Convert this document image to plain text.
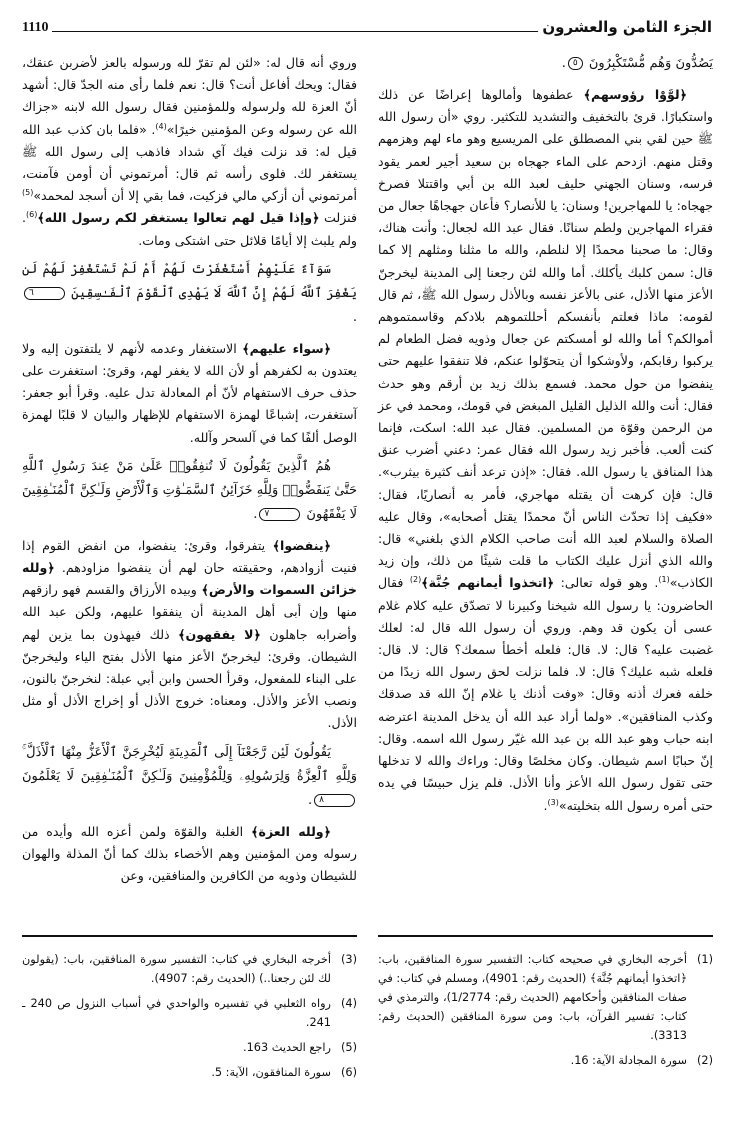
الجزء الثامن والعشرون
1110

يَصُدُّونَ وَهُم مُّسْتَكْبِرُونَ ٥.

﴿لوَّوْا رؤوسهم﴾ عطفوها وأمالوها إعراضًا عن ذلك واستكبارًا. قرئ بالتخفيف والتشديد للتكثير. روي «أن رسول الله ﷺ حين لقي بني المصطلق على المريسيع وهو ماء لهم وهزمهم وقتل منهم. ازدحم على الماء جهجاه بن سعيد أجير لعمر يقود فرسه، وسنان الجهني حليف لعبد الله بن أبي واقتتلا فصرخ جهجاه: يا للمهاجرين! وسنان: يا للأنصار؟ فأعان جهجاهًا جعال من فقراء المهاجرين ولطم سنانًا. فقال عبد الله لجعال: وأنت هناك، وقال: ما صحبنا محمدًا إلا لنلطم، والله ما مثلنا ومثلهم إلا كما قال: سمن كلبك يأكلك. أما والله لئن رجعنا إلى المدينة ليخرجنّ الأعز منها الأذل، عنى بالأعز نفسه وبالأذل رسول الله ﷺ، ثم قال لقومه: ماذا فعلتم بأنفسكم أحللتموهم بلادكم وقاسمتموهم أموالكم؟ أما والله لو أمسكتم عن جعال وذويه فضل الطعام لم يركبوا رقابكم، ولأوشكوا أن يتحوّلوا عنكم، فلا تنفقوا عليهم حتى ينفضوا من حول محمد. فسمع بذلك زيد بن أرقم وهو حدث فقال: أنت والله الذليل القليل المبغض في قومك، ومحمد في عز من الرحمن وقوّة من المسلمين. فقال عبد الله: اسكت، فإنما كنت ألعب. فأخبر زيد رسول الله فقال عمر: دعني أضرب عنق هذا المنافق يا رسول الله. فقال: «إذن ترعد أنف كثيرة بيثرب». قال: فإن كرهت أن يقتله مهاجري، فأمر به أنصاريًا، فقال: «فكيف إذا تحدّث الناس أنّ محمدًا يقتل أصحابه»، وقال عليه الصلاة والسلام لعبد الله أنت صاحب الكلام الذي بلغني» قال: والله الذي أنزل عليك الكتاب ما قلت شيئًا من ذلك، وإن زيد الكاذب»$^{(1)}$. وهو قوله تعالى: ﴿اتخذوا أيمانهم جُنَّة﴾$^{(2)}$ فقال الحاضرون: يا رسول الله شيخنا وكبيرنا لا تصدّق عليه كلام غلام عسى أن يكون قد وهم. وروي أن رسول الله قال له: لعلك غضبت عليه؟ قال: لا. قال: فلعله أخطأ سمعك؟ قال: لا. قال: فلعله شبه عليك؟ قال: لا. فلما نزلت لحق رسول الله زيدًا من خلفه فعرك أذنه وقال: «وفت أذنك يا غلام إنّ الله قد صدقك وكذب المنافقين». «ولما أراد عبد الله أن يدخل المدينة اعترضه ابنه حباب وهو عبد الله بن عبد الله غيّر رسول الله اسمه. وقال: إنّ حبابًا اسم شيطان. وكان مخلصًا وقال: وراءك والله لا تدخلها حتى تقول رسول الله الأعز وأنا الأذل. فلم يزل حبيسًا في يده حتى أمره رسول الله بتخليته»$^{(3)}$.

وروي أنه قال له: «لئن لم تقرّ لله ورسوله بالعز لأضربن عنقك، فقال: ويحك أفاعل أنت؟ قال: نعم فلما رأى منه الجدّ قال: أشهد أنّ العزة لله ولرسوله وللمؤمنين فقال رسول الله لابنه «جزاك الله عن رسوله وعن المؤمنين خيرًا»$^{(4)}$. «فلما بان كذب عبد الله قيل له: قد نزلت فيك آي شداد فاذهب إلى رسول الله ﷺ يستغفر لك. فلوى رأسه ثم قال: أمرتموني أن أومن فآمنت، أمرتموني أن أزكي مالي فزكيت، فما بقي إلا أن أسجد لمحمد»$^{(5)}$ فنزلت ﴿وإذا قيل لهم تعالوا يستغفر لكم رسول الله﴾$^{(6)}$. ولم يلبث إلا أيامًا قلائل حتى اشتكى ومات.

سَوَآءٌ عَلَيْهِمْ أَسْتَغْفَرْتَ لَهُمْ أَمْ لَمْ تَسْتَغْفِرْ لَهُمْ لَن يَغْفِرَ ٱللَّهُ لَهُمْ إِنَّ ٱللَّهَ لَا يَهْدِى ٱلْقَوْمَ ٱلْفَـٰسِقِينَ ٦.

﴿سواء عليهم﴾ الاستغفار وعدمه لأنهم لا يلتفتون إليه ولا يعتدون به لكفرهم أو لأن الله لا يغفر لهم، وقرئ: استغفرت على حذف حرف الاستفهام لأنّ أم المعادلة تدل عليه. وقرأ أبو جعفر: آستغفرت، إشباعًا لهمزة الاستفهام للإظهار والبيان لا قلبًا لهمزة الوصل ألفًا كما في آلسحر وآلله.

هُمُ ٱلَّذِينَ يَقُولُونَ لَا تُنفِقُوا۟ عَلَىٰ مَنْ عِندَ رَسُولِ ٱللَّهِ حَتَّىٰ يَنفَضُّوا۟ وَلِلَّهِ خَزَآئِنُ ٱلسَّمَـٰوَٰتِ وَٱلْأَرْضِ وَلَـٰكِنَّ ٱلْمُنَـٰفِقِينَ لَا يَفْقَهُونَ ٧.

﴿ينفضوا﴾ يتفرقوا، وقرئ: ينفضوا، من انفض القوم إذا فنيت أزوادهم، وحقيقته حان لهم أن ينفضوا مزاودهم. ﴿ولله خزائن السموات والأرض﴾ وبيده الأرزاق والقسم فهو رازقهم منها وإن أبى أهل المدينة أن ينفقوا عليهم، ولكن عبد الله وأضرابه جاهلون ﴿لا يفقهون﴾ ذلك فيهذون بما يزين لهم الشيطان. وقرئ: ليخرجنّ الأعز منها الأذل بفتح الياء وليخرجنّ على البناء للمفعول، وقرأ الحسن وابن أبي عبلة: لنخرجنّ بالنون، ونصب الأعز والأذل. ومعناه: خروج الأذل أو إخراج الأذل أو مثل الأذل.

يَقُولُونَ لَئِن رَّجَعْنَآ إِلَى ٱلْمَدِينَةِ لَيُخْرِجَنَّ ٱلْأَعَزُّ مِنْهَا ٱلْأَذَلَّ ۚ وَلِلَّهِ ٱلْعِزَّةُ وَلِرَسُولِهِۦ وَلِلْمُؤْمِنِينَ وَلَـٰكِنَّ ٱلْمُنَـٰفِقِينَ لَا يَعْلَمُونَ ٨.

﴿ولله العزة﴾ الغلبة والقوّة ولمن أعزه الله وأيده من رسوله ومن المؤمنين وهم الأخصاء بذلك كما أنّ المذلة والهوان للشيطان وذويه من الكافرين والمنافقين، وعن

(1)
أخرجه البخاري في صحيحه كتاب: التفسير سورة المنافقين، باب: ﴿اتخذوا أيمانهم جُنَّة﴾ (الحديث رقم: 4901)، ومسلم في كتاب: في صفات المنافقين وأحكامهم (الحديث رقم: 1/2774)، والترمذي في كتاب: تفسير القرآن، باب: ومن سورة المنافقين (الحديث رقم: 3313).
(2)
سورة المجادلة الآية: 16.
(3)
أخرجه البخاري في كتاب: التفسير سورة المنافقين، باب: (يقولون لك لئن رجعنا..) (الحديث رقم: 4907).
(4)
رواه الثعلبي في تفسيره والواحدي في أسباب النزول ص 240 ـ 241.
(5)
راجع الحديث 163.
(6)
سورة المنافقون، الآية: 5.
